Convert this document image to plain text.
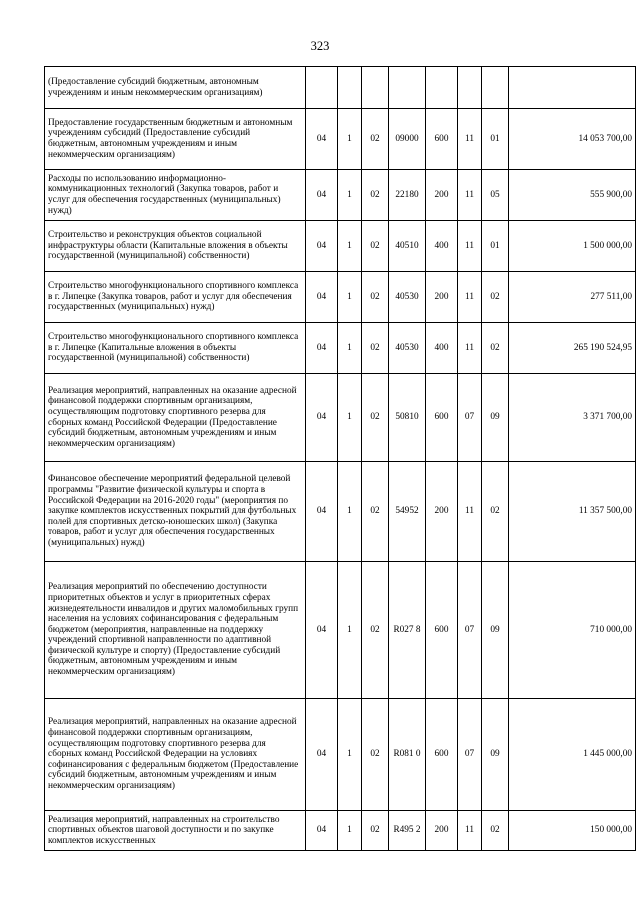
323
(Предоставление субсидий бюджетным, автономным учреждениям и иным некоммерческим организациям)								
Предоставление государственным бюджетным и автономным учреждениям субсидий (Предоставление субсидий бюджетным, автономным учреждениям и иным некоммерческим организациям)	04	1	02	09000	600	11	01	14 053 700,00
Расходы по использованию информационно-коммуникационных технологий (Закупка товаров, работ и услуг для обеспечения государственных (муниципальных) нужд)	04	1	02	22180	200	11	05	555 900,00
Строительство и реконструкция объектов социальной инфраструктуры области (Капитальные вложения в объекты государственной (муниципальной) собственности)	04	1	02	40510	400	11	01	1 500 000,00
Строительство многофункционального спортивного комплекса в г. Липецке (Закупка товаров, работ и услуг для обеспечения государственных (муниципальных) нужд)	04	1	02	40530	200	11	02	277 511,00
Строительство многофункционального спортивного комплекса в г. Липецке (Капитальные вложения в объекты государственной (муниципальной) собственности)	04	1	02	40530	400	11	02	265 190 524,95
Реализация мероприятий, направленных на оказание адресной финансовой поддержки спортивным организациям, осуществляющим подготовку спортивного резерва для сборных команд Российской Федерации (Предоставление субсидий бюджетным, автономным учреждениям и иным некоммерческим организациям)	04	1	02	50810	600	07	09	3 371 700,00
Финансовое обеспечение мероприятий федеральной целевой программы "Развитие физической культуры и спорта в Российской Федерации на 2016-2020 годы" (мероприятия по закупке комплектов искусственных покрытий для футбольных полей для спортивных детско-юношеских школ) (Закупка товаров, работ и услуг для обеспечения государственных (муниципальных) нужд)	04	1	02	54952	200	11	02	11 357 500,00
Реализация мероприятий по обеспечению доступности приоритетных объектов и услуг в приоритетных сферах жизнедеятельности инвалидов и других маломобильных групп населения на условиях софинансирования с федеральным бюджетом (мероприятия, направленные на поддержку учреждений спортивной направленности по адаптивной физической культуре и спорту) (Предоставление субсидий бюджетным, автономным учреждениям и иным некоммерческим организациям)	04	1	02	R027 8	600	07	09	710 000,00
Реализация мероприятий, направленных на оказание адресной финансовой поддержки спортивным организациям, осуществляющим подготовку спортивного резерва для сборных команд Российской Федерации на условиях софинансирования с федеральным бюджетом (Предоставление субсидий бюджетным, автономным учреждениям и иным некоммерческим организациям)	04	1	02	R081 0	600	07	09	1 445 000,00
Реализация мероприятий, направленных на строительство спортивных объектов шаговой доступности и по закупке комплектов искусственных	04	1	02	R495 2	200	11	02	150 000,00
